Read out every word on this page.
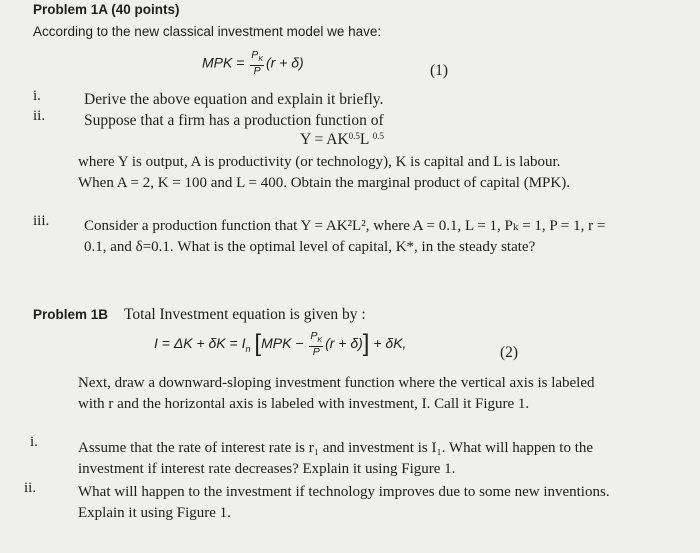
Problem 1A (40 points)
According to the new classical investment model we have:
MPK = $\frac{P_K}{P} (r + \delta)$	(1)
i.	Derive the above equation and explain it briefly.
ii.	Suppose that a firm has a production function of
$Y = AK^{0.5}L$ $^{0.5}$
where Y is output, A is productivity (or technology), K is capital and L is labour. When A = 2, K = 100 and L = 400. Obtain the marginal product of capital (MPK).
iii. Consider a production function that Y = AK²L², where A = 0.1, L = 1, Pₖ = 1, P = 1, r = 0.1, and δ=0.1. What is the optimal level of capital, K*, in the steady state?
Problem 1B Total Investment equation is given by :
$I = \Delta K + \delta K = I_n$ $[MPK - \frac{P_K}{P} (r + \delta)] + \delta K$,
(2)
Next, draw a downward-sloping investment function where the vertical axis is labeled with r and the horizontal axis is labeled with investment, I. Call it Figure 1.
i.	Assume that the rate of interest rate is r₁ and investment is I₁. What will happen to the investment if interest rate decreases? Explain it using Figure 1.
ii.	What will happen to the investment if technology improves due to some new inventions. Explain it using Figure 1.
